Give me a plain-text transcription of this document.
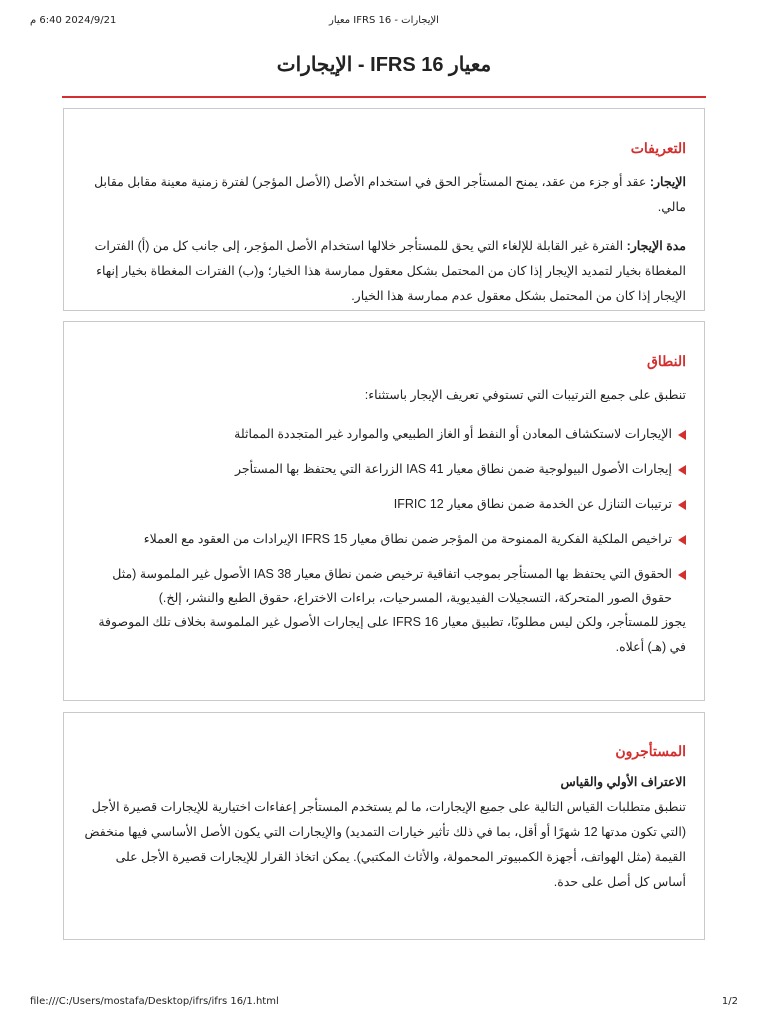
2024/9/21 6:40 م	الإيجارات - IFRS 16 معيار
معيار IFRS 16 - الإيجارات
التعريفات

الإيجار: عقد أو جزء من عقد، يمنح المستأجر الحق في استخدام الأصل (الأصل المؤجر) لفترة زمنية معينة مقابل مقابل مالي.

مدة الإيجار: الفترة غير القابلة للإلغاء التي يحق للمستأجر خلالها استخدام الأصل المؤجر، إلى جانب كل من (أ) الفترات المغطاة بخيار لتمديد الإيجار إذا كان من المحتمل بشكل معقول ممارسة هذا الخيار؛ و(ب) الفترات المغطاة بخيار إنهاء الإيجار إذا كان من المحتمل بشكل معقول عدم ممارسة هذا الخيار.

النطاق

تنطبق على جميع الترتيبات التي تستوفي تعريف الإيجار باستثناء:

الإيجارات لاستكشاف المعادن أو النفط أو الغاز الطبيعي والموارد غير المتجددة المماثلة
إيجارات الأصول البيولوجية ضمن نطاق معيار IAS 41 الزراعة التي يحتفظ بها المستأجر
ترتيبات التنازل عن الخدمة ضمن نطاق معيار IFRIC 12
تراخيص الملكية الفكرية الممنوحة من المؤجر ضمن نطاق معيار IFRS 15 الإيرادات من العقود مع العملاء
الحقوق التي يحتفظ بها المستأجر بموجب اتفاقية ترخيص ضمن نطاق معيار IAS 38 الأصول غير الملموسة (مثل حقوق الصور المتحركة، التسجيلات الفيديوية، المسرحيات، براءات الاختراع، حقوق الطبع والنشر، إلخ.)

يجوز للمستأجر، ولكن ليس مطلوبًا، تطبيق معيار IFRS 16 على إيجارات الأصول غير الملموسة بخلاف تلك الموصوفة في (هـ) أعلاه.

المستأجرون

الاعتراف الأولي والقياس

تنطبق متطلبات القياس التالية على جميع الإيجارات، ما لم يستخدم المستأجر إعفاءات اختيارية للإيجارات قصيرة الأجل (التي تكون مدتها 12 شهرًا أو أقل، بما في ذلك تأثير خيارات التمديد) والإيجارات التي يكون الأصل الأساسي فيها منخفض القيمة (مثل الهواتف، أجهزة الكمبيوتر المحمولة، والأثاث المكتبي). يمكن اتخاذ القرار للإيجارات قصيرة الأجل على أساس كل أصل على حدة.

file:///C:/Users/mostafa/Desktop/ifrs/ifrs 16/1.html	1/2
